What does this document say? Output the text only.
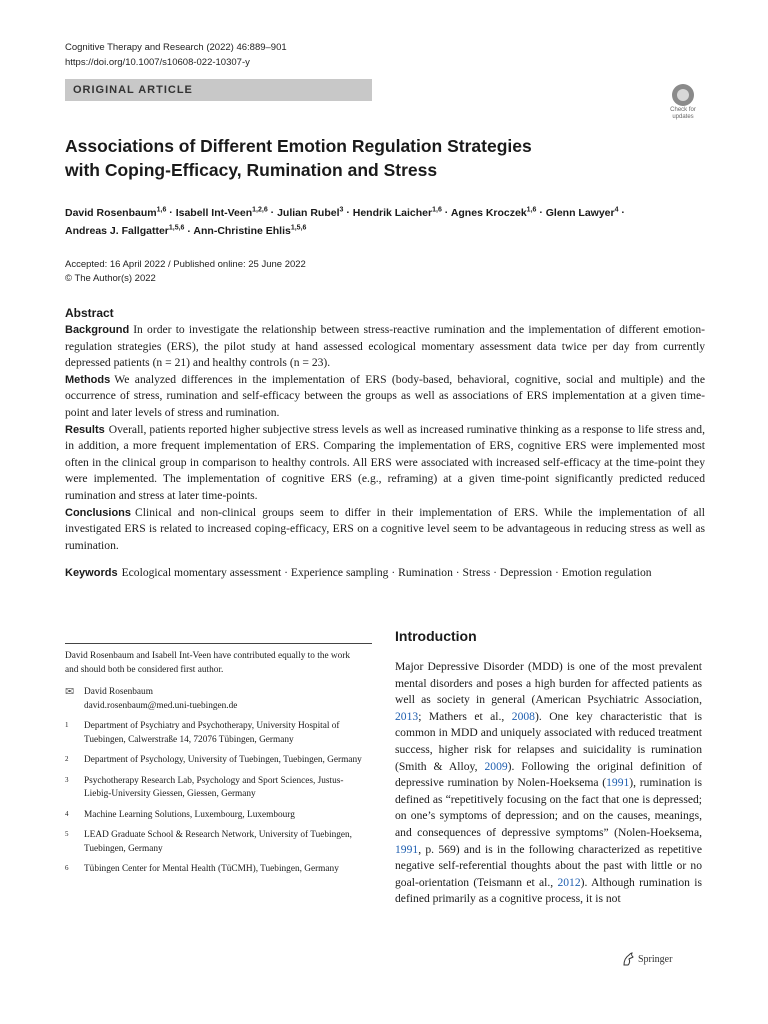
Cognitive Therapy and Research (2022) 46:889–901
https://doi.org/10.1007/s10608-022-10307-y
ORIGINAL ARTICLE
Check for
updates
Associations of Different Emotion Regulation Strategies
with Coping-Efficacy, Rumination and Stress
David Rosenbaum$^{1,6}$ · Isabell Int-Veen$^{1,2,6}$ · Julian Rubel$^3$ · Hendrik Laicher$^{1,6}$ · Agnes Kroczek$^{1,6}$ · Glenn Lawyer$^4$ ·
Andreas J. Fallgatter$^{1,5,6}$ · Ann-Christine Ehlis$^{1,5,6}$
Accepted: 16 April 2022 / Published online: 25 June 2022
© The Author(s) 2022
Abstract

Background In order to investigate the relationship between stress-reactive rumination and the implementation of different emotion-regulation strategies (ERS), the pilot study at hand assessed ecological momentary assessment data twice per day from currently depressed patients (n = 21) and healthy controls (n = 23).

Methods We analyzed differences in the implementation of ERS (body-based, behavioral, cognitive, social and multiple) and the occurrence of stress, rumination and self-efficacy between the groups as well as associations of ERS implementation at a given time-point and later levels of stress and rumination.

Results Overall, patients reported higher subjective stress levels as well as increased ruminative thinking as a response to life stress and, in addition, a more frequent implementation of ERS. Comparing the implementation of ERS, cognitive ERS were implemented most often in the clinical group in comparison to healthy controls. All ERS were associated with increased self-efficacy at the time-point they were implemented. The implementation of cognitive ERS (e.g., reframing) at a given time-point significantly predicted reduced rumination and stress at later time-points.

Conclusions Clinical and non-clinical groups seem to differ in their implementation of ERS. While the implementation of all investigated ERS is related to increased coping-efficacy, ERS on a cognitive level seem to be advantageous in reducing stress as well as rumination.

Keywords Ecological momentary assessment · Experience sampling · Rumination · Stress · Depression · Emotion regulation
David Rosenbaum and Isabell Int-Veen have contributed equally to the work and should both be considered first author.
✉	David Rosenbaum
david.rosenbaum@med.uni-tuebingen.de
1	Department of Psychiatry and Psychotherapy, University Hospital of Tuebingen, Calwerstraße 14, 72076 Tübingen, Germany
2	Department of Psychology, University of Tuebingen, Tuebingen, Germany
3	Psychotherapy Research Lab, Psychology and Sport Sciences, Justus-Liebig-University Giessen, Giessen, Germany
4	Machine Learning Solutions, Luxembourg, Luxembourg
5	LEAD Graduate School & Research Network, University of Tuebingen, Tuebingen, Germany
6	Tübingen Center for Mental Health (TüCMH), Tuebingen, Germany
Introduction

Major Depressive Disorder (MDD) is one of the most prevalent mental disorders and poses a high burden for affected patients as well as society in general (American Psychiatric Association, 2013; Mathers et al., 2008). One key characteristic that is common in MDD and uniquely associated with reduced treatment success, higher risk for relapses and suicidality is rumination (Smith & Alloy, 2009). Following the original definition of depressive rumination by Nolen-Hoeksema (1991), rumination is defined as “repetitively focusing on the fact that one is depressed; on one’s symptoms of depression; and on the causes, meanings, and consequences of depressive symptoms” (Nolen-Hoeksema, 1991, p. 569) and is in the following characterized as repetitive negative self-referential thoughts about the past with little or no goal-orientation (Teismann et al., 2012). Although rumination is defined primarily as a cognitive process, it is not

Springer
